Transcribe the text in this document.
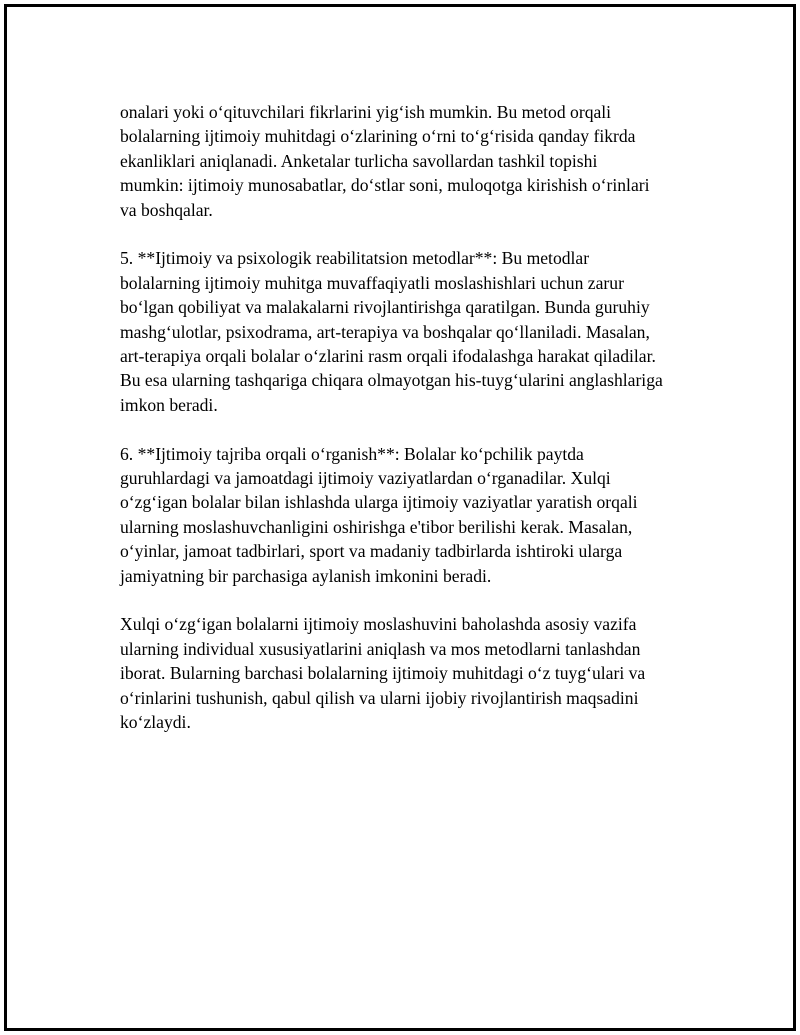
onalari yoki oʻqituvchilari fikrlarini yigʻish mumkin. Bu metod orqali
bolalarning ijtimoiy muhitdagi oʻzlarining oʻrni toʻgʻrisida qanday fikrda
ekanliklari aniqlanadi. Anketalar turlicha savollardan tashkil topishi
mumkin: ijtimoiy munosabatlar, doʻstlar soni, muloqotga kirishish oʻrinlari
va boshqalar.

5. **Ijtimoiy va psixologik reabilitatsion metodlar**: Bu metodlar
bolalarning ijtimoiy muhitga muvaffaqiyatli moslashishlari uchun zarur
boʻlgan qobiliyat va malakalarni rivojlantirishga qaratilgan. Bunda guruhiy
mashgʻulotlar, psixodrama, art-terapiya va boshqalar qoʻllaniladi. Masalan,
art-terapiya orqali bolalar oʻzlarini rasm orqali ifodalashga harakat qiladilar.
Bu esa ularning tashqariga chiqara olmayotgan his-tuygʻularini anglashlariga
imkon beradi.

6. **Ijtimoiy tajriba orqali oʻrganish**: Bolalar koʻpchilik paytda
guruhlardagi va jamoatdagi ijtimoiy vaziyatlardan oʻrganadilar. Xulqi
oʻzgʻigan bolalar bilan ishlashda ularga ijtimoiy vaziyatlar yaratish orqali
ularning moslashuvchanligini oshirishga e'tibor berilishi kerak. Masalan,
oʻyinlar, jamoat tadbirlari, sport va madaniy tadbirlarda ishtiroki ularga
jamiyatning bir parchasiga aylanish imkonini beradi.

Xulqi oʻzgʻigan bolalarni ijtimoiy moslashuvini baholashda asosiy vazifa
ularning individual xususiyatlarini aniqlash va mos metodlarni tanlashdan
iborat. Bularning barchasi bolalarning ijtimoiy muhitdagi oʻz tuygʻulari va
oʻrinlarini tushunish, qabul qilish va ularni ijobiy rivojlantirish maqsadini
koʻzlaydi.
